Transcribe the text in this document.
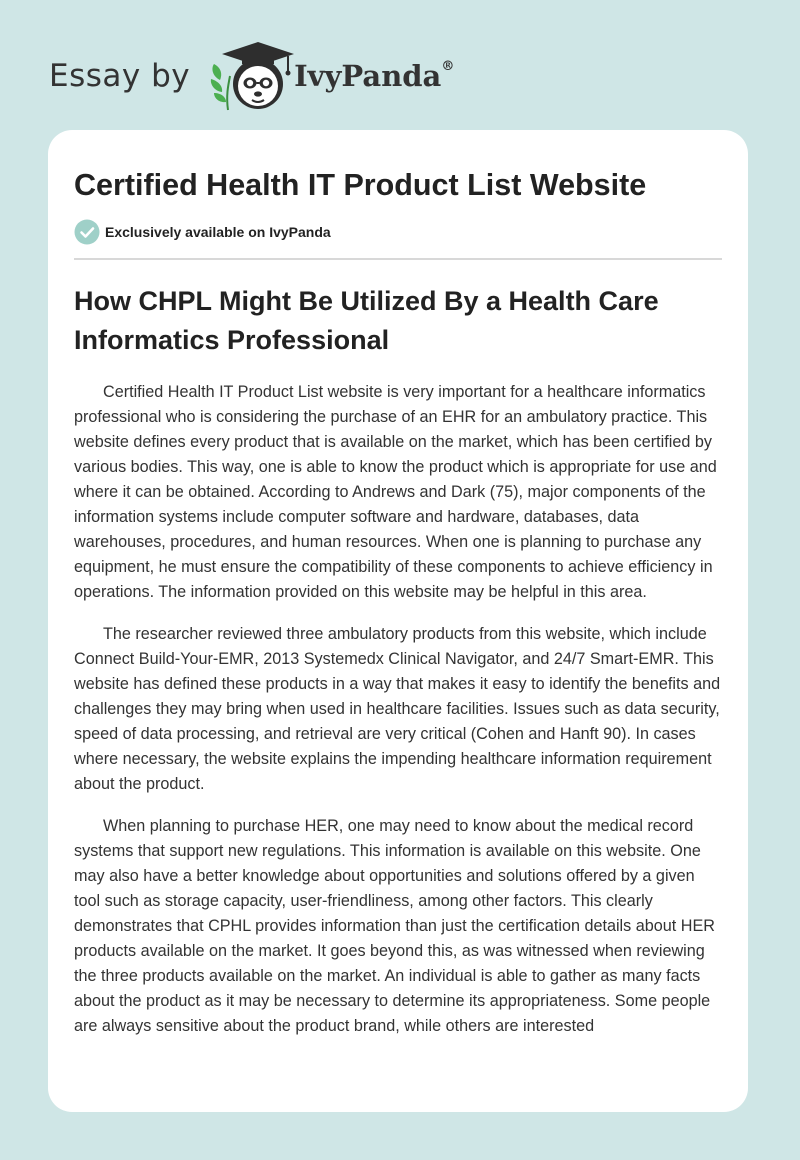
Essay by	IvyPanda®
Certified Health IT Product List Website
Exclusively available on IvyPanda
How CHPL Might Be Utilized By a Health Care Informatics Professional

Certified Health IT Product List website is very important for a healthcare informatics professional who is considering the purchase of an EHR for an ambulatory practice. This website defines every product that is available on the market, which has been certified by various bodies. This way, one is able to know the product which is appropriate for use and where it can be obtained. According to Andrews and Dark (75), major components of the information systems include computer software and hardware, databases, data warehouses, procedures, and human resources. When one is planning to purchase any equipment, he must ensure the compatibility of these components to achieve efficiency in operations. The information provided on this website may be helpful in this area.

The researcher reviewed three ambulatory products from this website, which include Connect Build-Your-EMR, 2013 Systemedx Clinical Navigator, and 24/7 Smart-EMR. This website has defined these products in a way that makes it easy to identify the benefits and challenges they may bring when used in healthcare facilities. Issues such as data security, speed of data processing, and retrieval are very critical (Cohen and Hanft 90). In cases where necessary, the website explains the impending healthcare information requirement about the product.

When planning to purchase HER, one may need to know about the medical record systems that support new regulations. This information is available on this website. One may also have a better knowledge about opportunities and solutions offered by a given tool such as storage capacity, user-friendliness, among other factors. This clearly demonstrates that CPHL provides information than just the certification details about HER products available on the market. It goes beyond this, as was witnessed when reviewing the three products available on the market. An individual is able to gather as many facts about the product as it may be necessary to determine its appropriateness. Some people are always sensitive about the product brand, while others are interested
